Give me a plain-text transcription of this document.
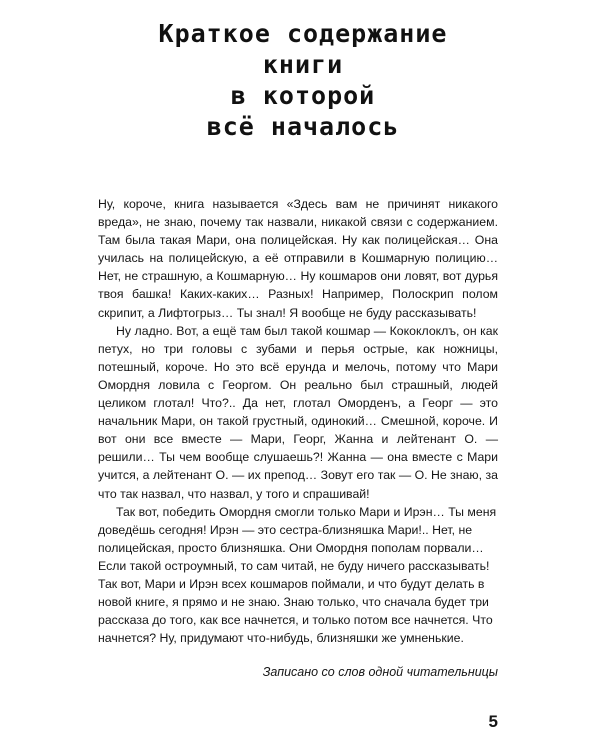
Краткое содержание
книги
в которой
всё началось

Ну, короче, книга называется «Здесь вам не причинят никакого вреда», не знаю, почему так назвали, никакой связи с содержанием. Там была такая Мари, она полицейская. Ну как полицейская… Она училась на полицейскую, а её отправили в Кошмарную полицию… Нет, не страшную, а Кошмарную… Ну кошмаров они ловят, вот дурья твоя башка! Каких-каких… Разных! Например, Полоскрип полом скрипит, а Лифтогрыз… Ты знал! Я вообще не буду рассказывать!

Ну ладно. Вот, а ещё там был такой кошмар — Кококлоклъ, он как петух, но три головы с зубами и перья острые, как ножницы, потешный, короче. Но это всё ерунда и мелочь, потому что Мари Омордня ловила с Георгом. Он реально был страшный, людей целиком глотал! Что?.. Да нет, глотал Оморденъ, а Георг — это начальник Мари, он такой грустный, одинокий… Смешной, короче. И вот они все вместе — Мари, Георг, Жанна и лейтенант О. — решили… Ты чем вообще слушаешь?! Жанна — она вместе с Мари учится, а лейтенант О. — их препод… Зовут его так — О. Не знаю, за что так назвал, что назвал, у того и спрашивай!

Так вот, победить Омордня смогли только Мари и Ирэн… Ты меня доведёшь сегодня! Ирэн — это сестра-близняшка Мари!.. Нет, не полицейская, просто близняшка. Они Омордня пополам порвали… Если такой остроумный, то сам читай, не буду ничего рассказывать! Так вот, Мари и Ирэн всех кошмаров поймали, и что будут делать в новой книге, я прямо и не знаю. Знаю только, что сначала будет три рассказа до того, как все начнется, и только потом все начнется. Что начнется? Ну, придумают что-нибудь, близняшки же умненькие.

Записано со слов одной читательницы
5
